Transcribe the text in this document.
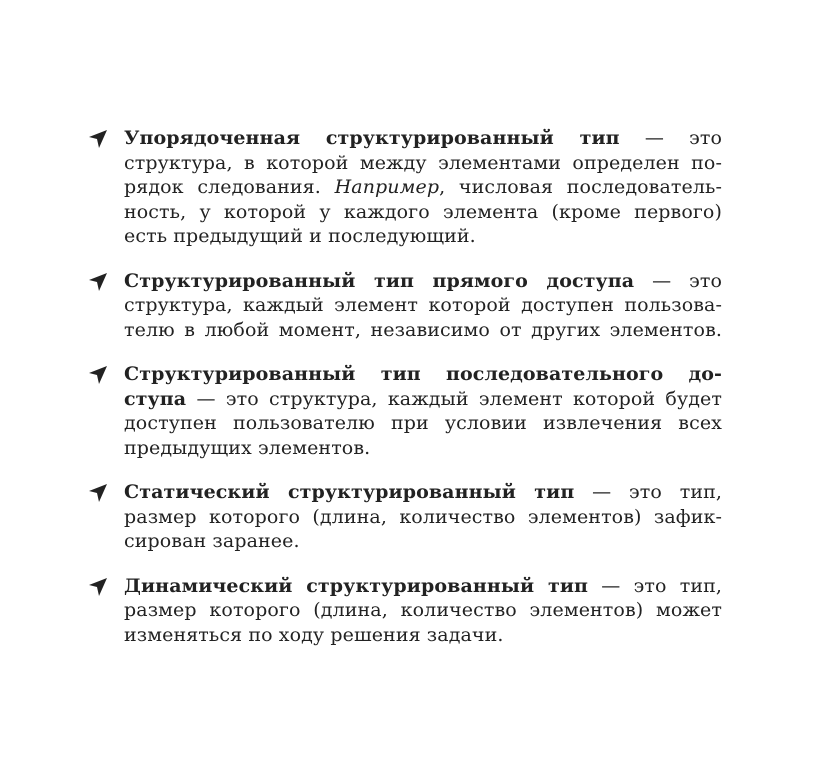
Упорядоченная структурированный тип — это
структура, в которой между элементами определен по-
рядок следования. Например, числовая последователь-
ность, у которой у каждого элемента (кроме первого)
есть предыдущий и последующий.
Структурированный тип прямого доступа — это
структура, каждый элемент которой доступен пользова-
телю в любой момент, независимо от других элементов.
Структурированный тип последовательного до-
ступа — это структура, каждый элемент которой будет
доступен пользователю при условии извлечения всех
предыдущих элементов.
Статический структурированный тип — это тип,
размер которого (длина, количество элементов) зафик-
сирован заранее.
Динамический структурированный тип — это тип,
размер которого (длина, количество элементов) может
изменяться по ходу решения задачи.
